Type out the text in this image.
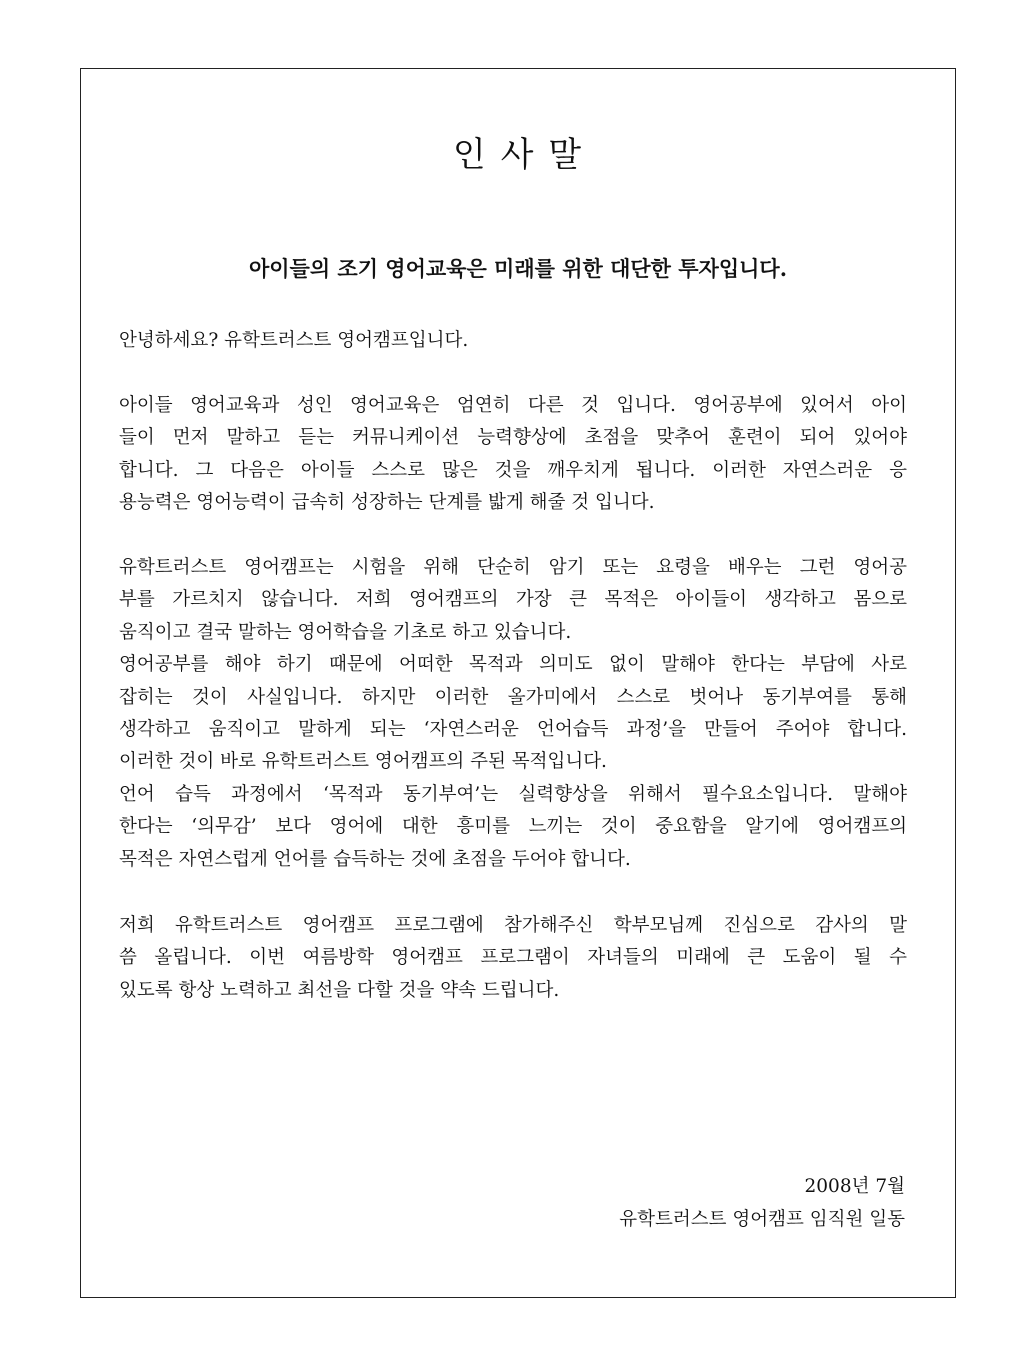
인 사 말
아이들의 조기 영어교육은 미래를 위한 대단한 투자입니다.
안녕하세요? 유학트러스트 영어캠프입니다.
아이들 영어교육과 성인 영어교육은 엄연히 다른 것 입니다. 영어공부에 있어서 아이
들이 먼저 말하고 듣는 커뮤니케이션 능력향상에 초점을 맞추어 훈련이 되어 있어야
합니다. 그 다음은 아이들 스스로 많은 것을 깨우치게 됩니다. 이러한 자연스러운 응
용능력은 영어능력이 급속히 성장하는 단계를 밟게 해줄 것 입니다.
유학트러스트 영어캠프는 시험을 위해 단순히 암기 또는 요령을 배우는 그런 영어공
부를 가르치지 않습니다. 저희 영어캠프의 가장 큰 목적은 아이들이 생각하고 몸으로
움직이고 결국 말하는 영어학습을 기초로 하고 있습니다.
영어공부를 해야 하기 때문에 어떠한 목적과 의미도 없이 말해야 한다는 부담에 사로
잡히는 것이 사실입니다. 하지만 이러한 올가미에서 스스로 벗어나 동기부여를 통해
생각하고 움직이고 말하게 되는 ‘자연스러운 언어습득 과정’을 만들어 주어야 합니다.
이러한 것이 바로 유학트러스트 영어캠프의 주된 목적입니다.
언어 습득 과정에서 ‘목적과 동기부여’는 실력향상을 위해서 필수요소입니다. 말해야
한다는 ‘의무감’ 보다 영어에 대한 흥미를 느끼는 것이 중요함을 알기에 영어캠프의
목적은 자연스럽게 언어를 습득하는 것에 초점을 두어야 합니다.
저희 유학트러스트 영어캠프 프로그램에 참가해주신 학부모님께 진심으로 감사의 말
씀 올립니다. 이번 여름방학 영어캠프 프로그램이 자녀들의 미래에 큰 도움이 될 수
있도록 항상 노력하고 최선을 다할 것을 약속 드립니다.
2008년 7월
유학트러스트 영어캠프 임직원 일동
